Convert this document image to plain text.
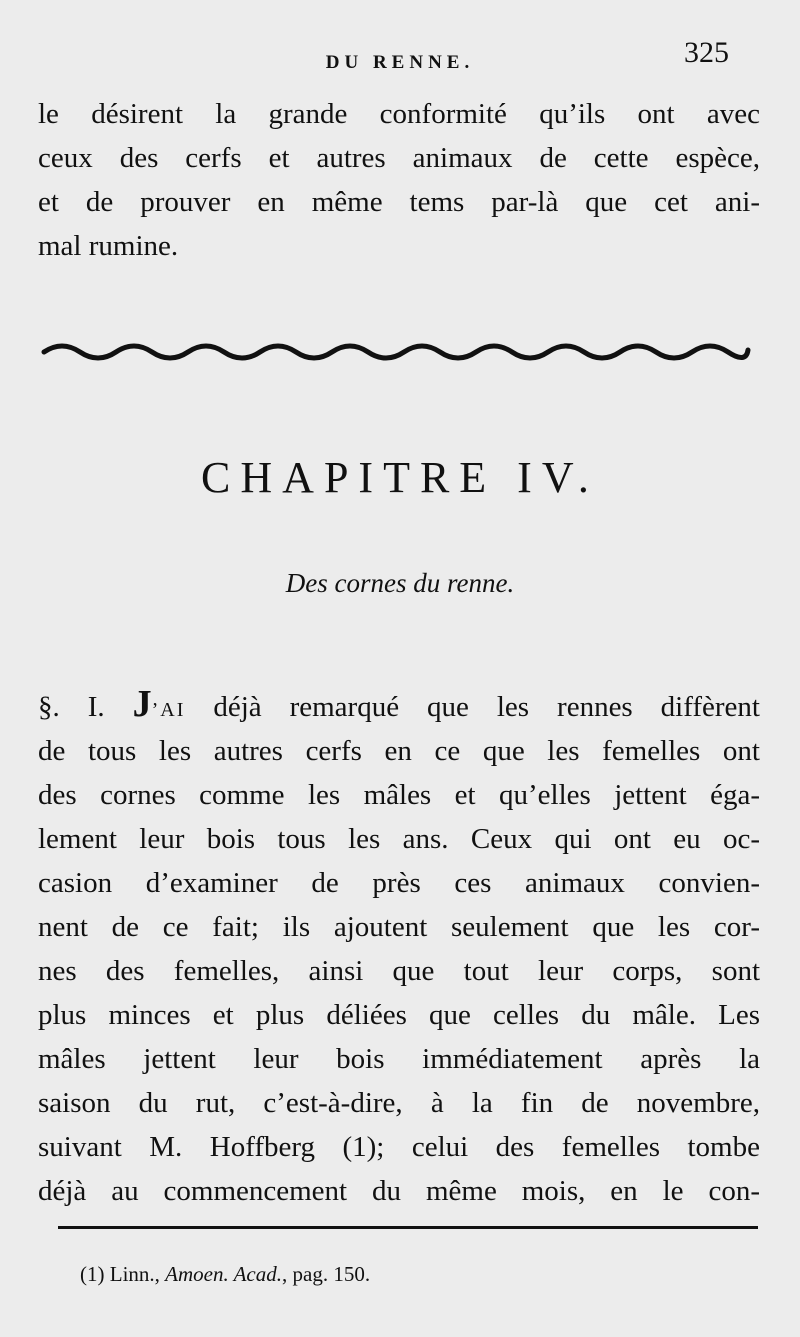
DU RENNE.	325
le désirent la grande conformité qu’ils ont avec
ceux des cerfs et autres animaux de cette espèce,
et de prouver en même tems par-là que cet ani-
mal rumine.
CHAPITRE IV.
Des cornes du renne.
§. I. J’AI déjà remarqué que les rennes diffèrent
de tous les autres cerfs en ce que les femelles ont
des cornes comme les mâles et qu’elles jettent éga-
lement leur bois tous les ans. Ceux qui ont eu oc-
casion d’examiner de près ces animaux convien-
nent de ce fait; ils ajoutent seulement que les cor-
nes des femelles, ainsi que tout leur corps, sont
plus minces et plus déliées que celles du mâle. Les
mâles jettent leur bois immédiatement après la
saison du rut, c’est-à-dire, à la fin de novembre,
suivant M. Hoffberg (1); celui des femelles tombe
déjà au commencement du même mois, en le con-
(1) Linn., Amoen. Acad., pag. 150.
